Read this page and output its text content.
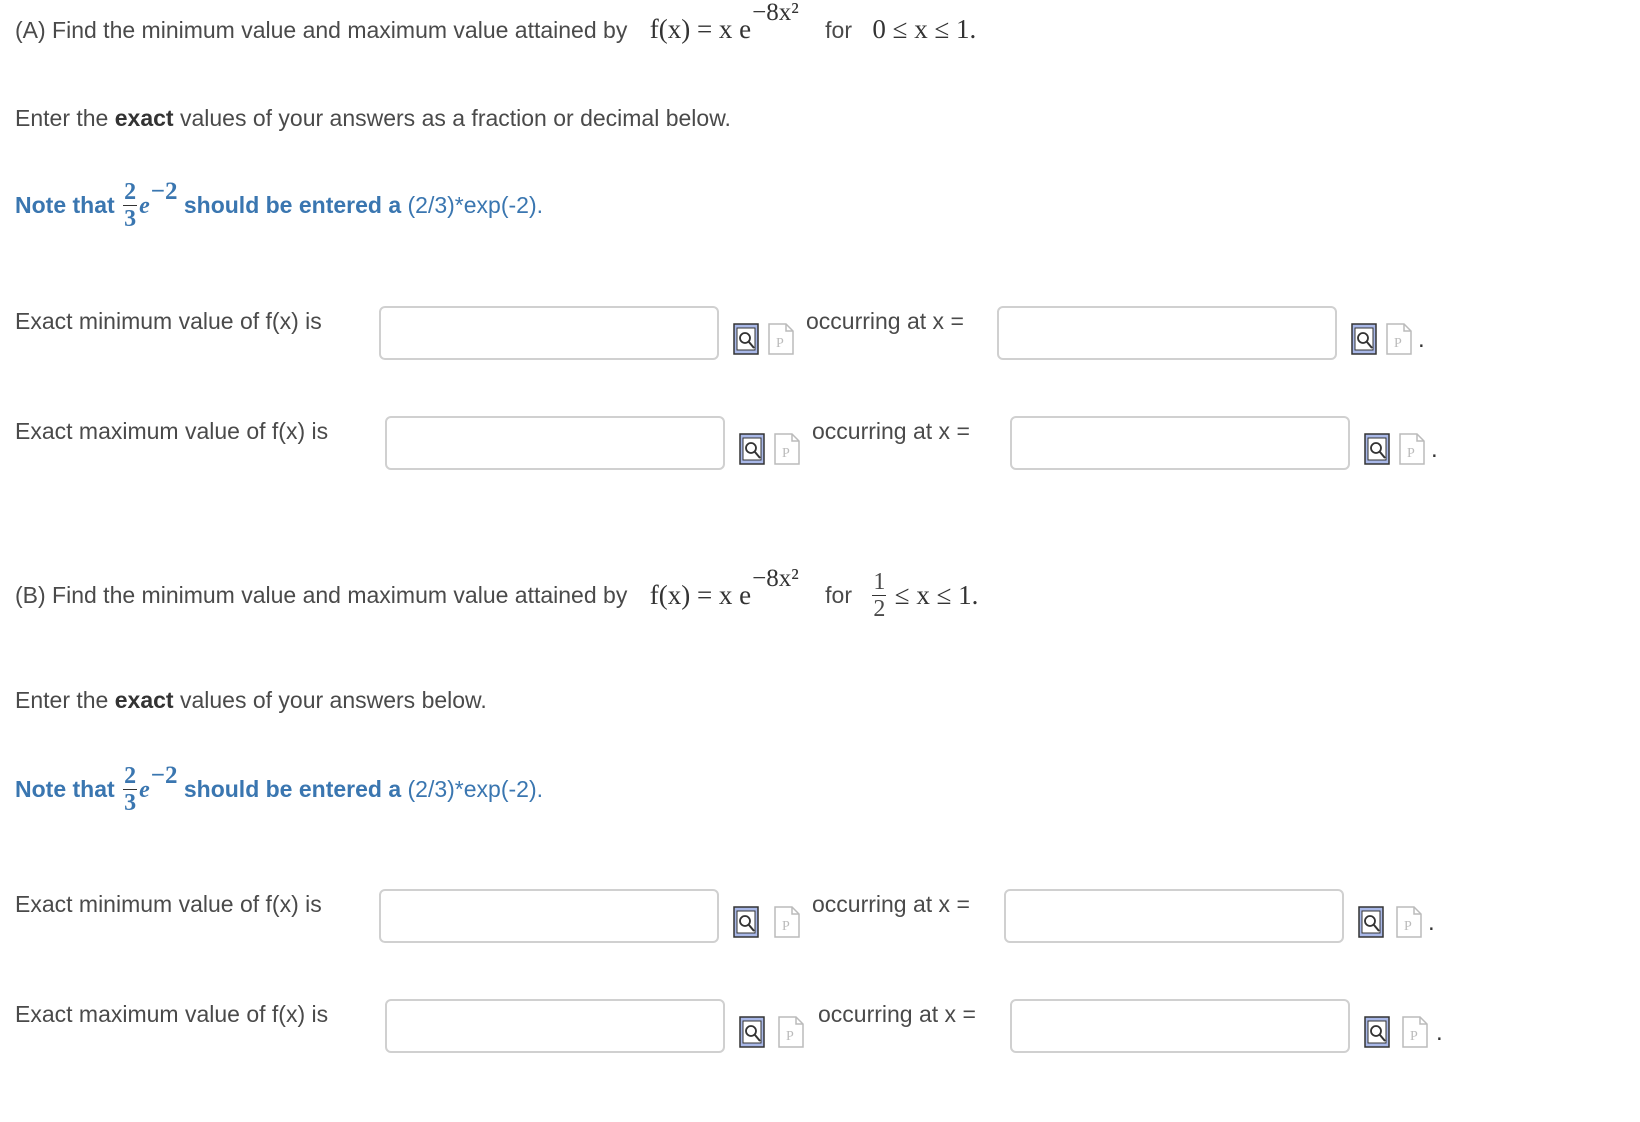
(A) Find the minimum value and maximum value attained by f(x) = x e−8x² for 0 ≤ x ≤ 1.
Enter the exact values of your answers as a fraction or decimal below.
Note that $\frac{2}{3} e-2$ should be entered a (2/3)*exp(-2).
Exact minimum value of f(x) is
P
occurring at x =
P .
Exact maximum value of f(x) is
P
occurring at x =
P .
(B) Find the minimum value and maximum value attained by f(x) = x e−8x² for $\frac{1}{2} \le x \le 1$.
Enter the exact values of your answers below.
Note that $\frac{2}{3} e-2$ should be entered a (2/3)*exp(-2).
Exact minimum value of f(x) is
P
occurring at x =
P .
Exact maximum value of f(x) is
P
occurring at x =
P .
